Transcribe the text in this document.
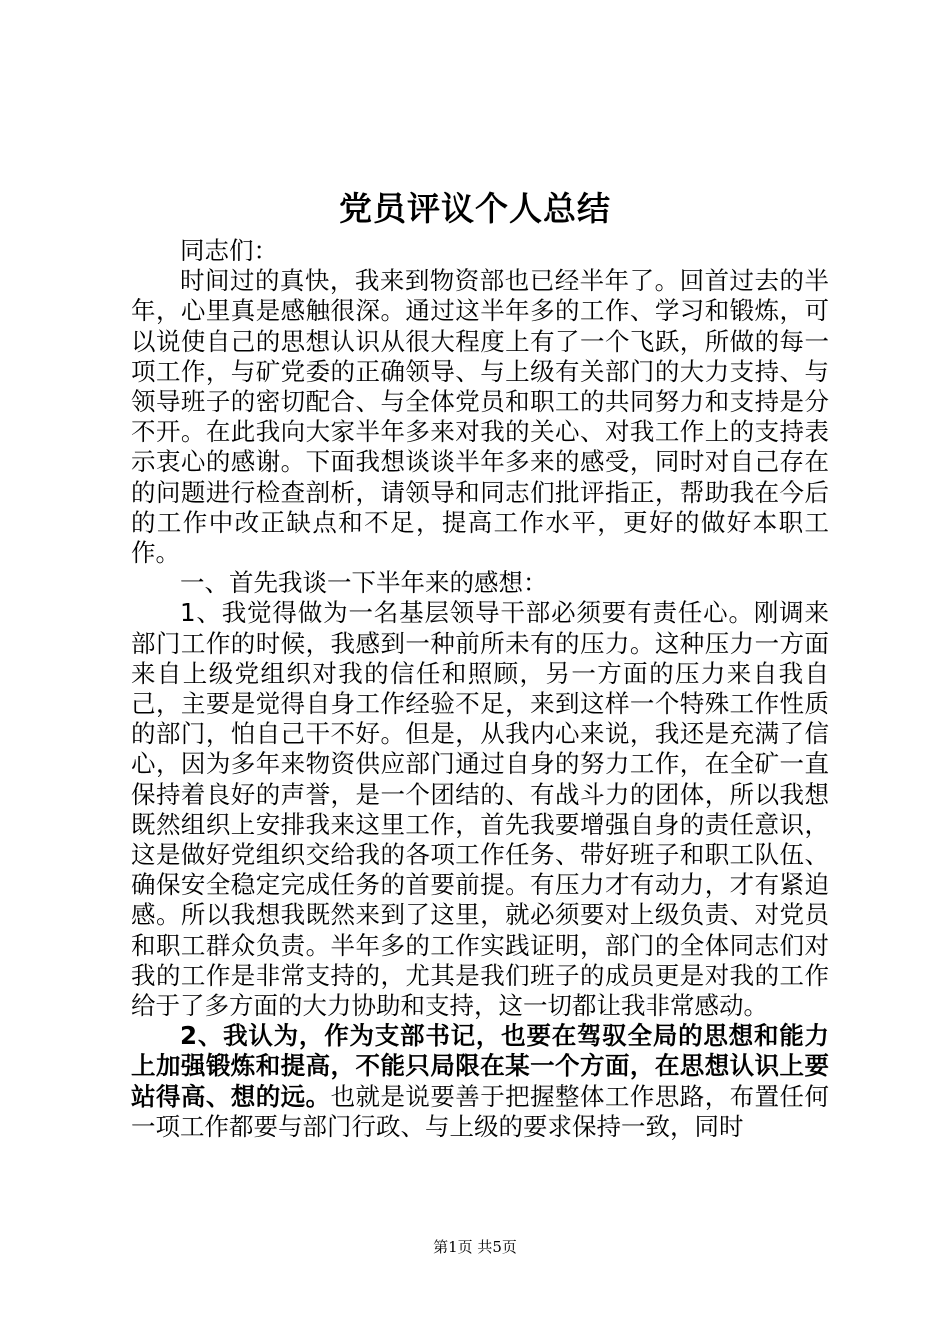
党员评议个人总结

同志们：

时间过的真快，我来到物资部也已经半年了。回首过去的半年，心里真是感触很深。通过这半年多的工作、学习和锻炼，可以说使自己的思想认识从很大程度上有了一个飞跃，所做的每一项工作，与矿党委的正确领导、与上级有关部门的大力支持、与领导班子的密切配合、与全体党员和职工的共同努力和支持是分不开。在此我向大家半年多来对我的关心、对我工作上的支持表示衷心的感谢。下面我想谈谈半年多来的感受，同时对自己存在的问题进行检查剖析，请领导和同志们批评指正，帮助我在今后的工作中改正缺点和不足，提高工作水平，更好的做好本职工作。

一、首先我谈一下半年来的感想：

1、我觉得做为一名基层领导干部必须要有责任心。刚调来部门工作的时候，我感到一种前所未有的压力。这种压力一方面来自上级党组织对我的信任和照顾，另一方面的压力来自我自己，主要是觉得自身工作经验不足，来到这样一个特殊工作性质的部门，怕自己干不好。但是，从我内心来说，我还是充满了信心，因为多年来物资供应部门通过自身的努力工作，在全矿一直保持着良好的声誉，是一个团结的、有战斗力的团体，所以我想既然组织上安排我来这里工作，首先我要增强自身的责任意识，这是做好党组织交给我的各项工作任务、带好班子和职工队伍、确保安全稳定完成任务的首要前提。有压力才有动力，才有紧迫感。所以我想我既然来到了这里，就必须要对上级负责、对党员和职工群众负责。半年多的工作实践证明，部门的全体同志们对我的工作是非常支持的，尤其是我们班子的成员更是对我的工作给于了多方面的大力协助和支持，这一切都让我非常感动。

2、我认为，作为支部书记，也要在驾驭全局的思想和能力上加强锻炼和提高，不能只局限在某一个方面，在思想认识上要站得高、想的远。也就是说要善于把握整体工作思路，布置任何一项工作都要与部门行政、与上级的要求保持一致，同时

第1页 共5页
